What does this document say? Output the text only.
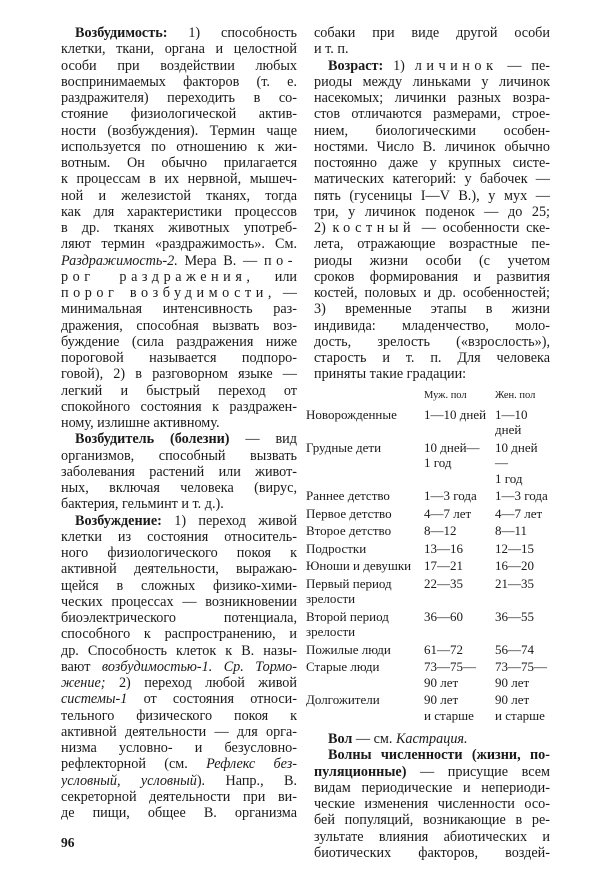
Возбудимость: 1) способность
клетки, ткани, органа и целостной
особи при воздействии любых
воспринимаемых факторов (т. е.
раздражителя) переходить в со-
стояние физиологической актив-
ности (возбуждения). Термин чаще
используется по отношению к жи-
вотным. Он обычно прилагается
к процессам в их нервной, мышеч-
ной и железистой тканях, тогда
как для характеристики процессов
в др. тканях животных употреб-
ляют термин «раздражимость». См.
Раздражимость-2. Мера В. — по-
рог раздражения, или
порог возбудимости, —
минимальная интенсивность раз-
дражения, способная вызвать воз-
буждение (сила раздражения ниже
пороговой называется подпоро-
говой), 2) в разговорном языке —
легкий и быстрый переход от
спокойного состояния к раздражен-
ному, излишне активному.
Возбудитель (болезни) — вид
организмов, способный вызвать
заболевания растений или живот-
ных, включая человека (вирус,
бактерия, гельминт и т. д.).
Возбуждение: 1) переход живой
клетки из состояния относитель-
ного физиологического покоя к
активной деятельности, выражаю-
щейся в сложных физико-хими-
ческих процессах — возникновении
биоэлектрического потенциала,
способного к распространению, и
др. Способность клеток к В. назы-
вают возбудимостью-1. Ср. Тормо-
жение; 2) переход любой живой
системы-1 от состояния относи-
тельного физического покоя к
активной деятельности — для орга-
низма условно- и безусловно-
рефлекторной (см. Рефлекс без-
условный, условный). Напр., В.
секреторной деятельности при ви-
де пищи, общее В. организма
собаки при виде другой особи
и т. п.
Возраст: 1) личинок — пе-
риоды между линьками у личинок
насекомых; личинки разных возра-
стов отличаются размерами, строе-
нием, биологическими особен-
ностями. Число В. личинок обычно
постоянно даже у крупных систе-
матических категорий: у бабочек —
пять (гусеницы I—V В.), у мух —
три, у личинок поденок — до 25;
2) костный — особенности ске-
лета, отражающие возрастные пе-
риоды жизни особи (с учетом
сроков формирования и развития
костей, половых и др. особенностей;
3) временные этапы в жизни
индивида: младенчество, моло-
дость, зрелость («взрослость»),
старость и т. п. Для человека
приняты такие градации:
	Муж. пол	Жен. пол
Новорожденные	1—10 дней	1—10 дней
Грудные дети	10 дней—
1 год	10 дней—
1 год
Раннее детство	1—3 года	1—3 года
Первое детство	4—7 лет	4—7 лет
Второе детство	8—12	8—11
Подростки	13—16	12—15
Юноши и девушки	17—21	16—20
Первый период
зрелости	22—35	21—35
Второй период
зрелости	36—60	36—55
Пожилые люди	61—72	56—74
Старые люди	73—75—
90 лет	73—75—
90 лет
Долгожители	90 лет
и старше	90 лет
и старше
Вол — см. Кастрация.
Волны численности (жизни, по-
пуляционные) — присущие всем
видам периодические и непериоди-
ческие изменения численности осо-
бей популяций, возникающие в ре-
зультате влияния абиотических и
биотических факторов, воздей-
96
